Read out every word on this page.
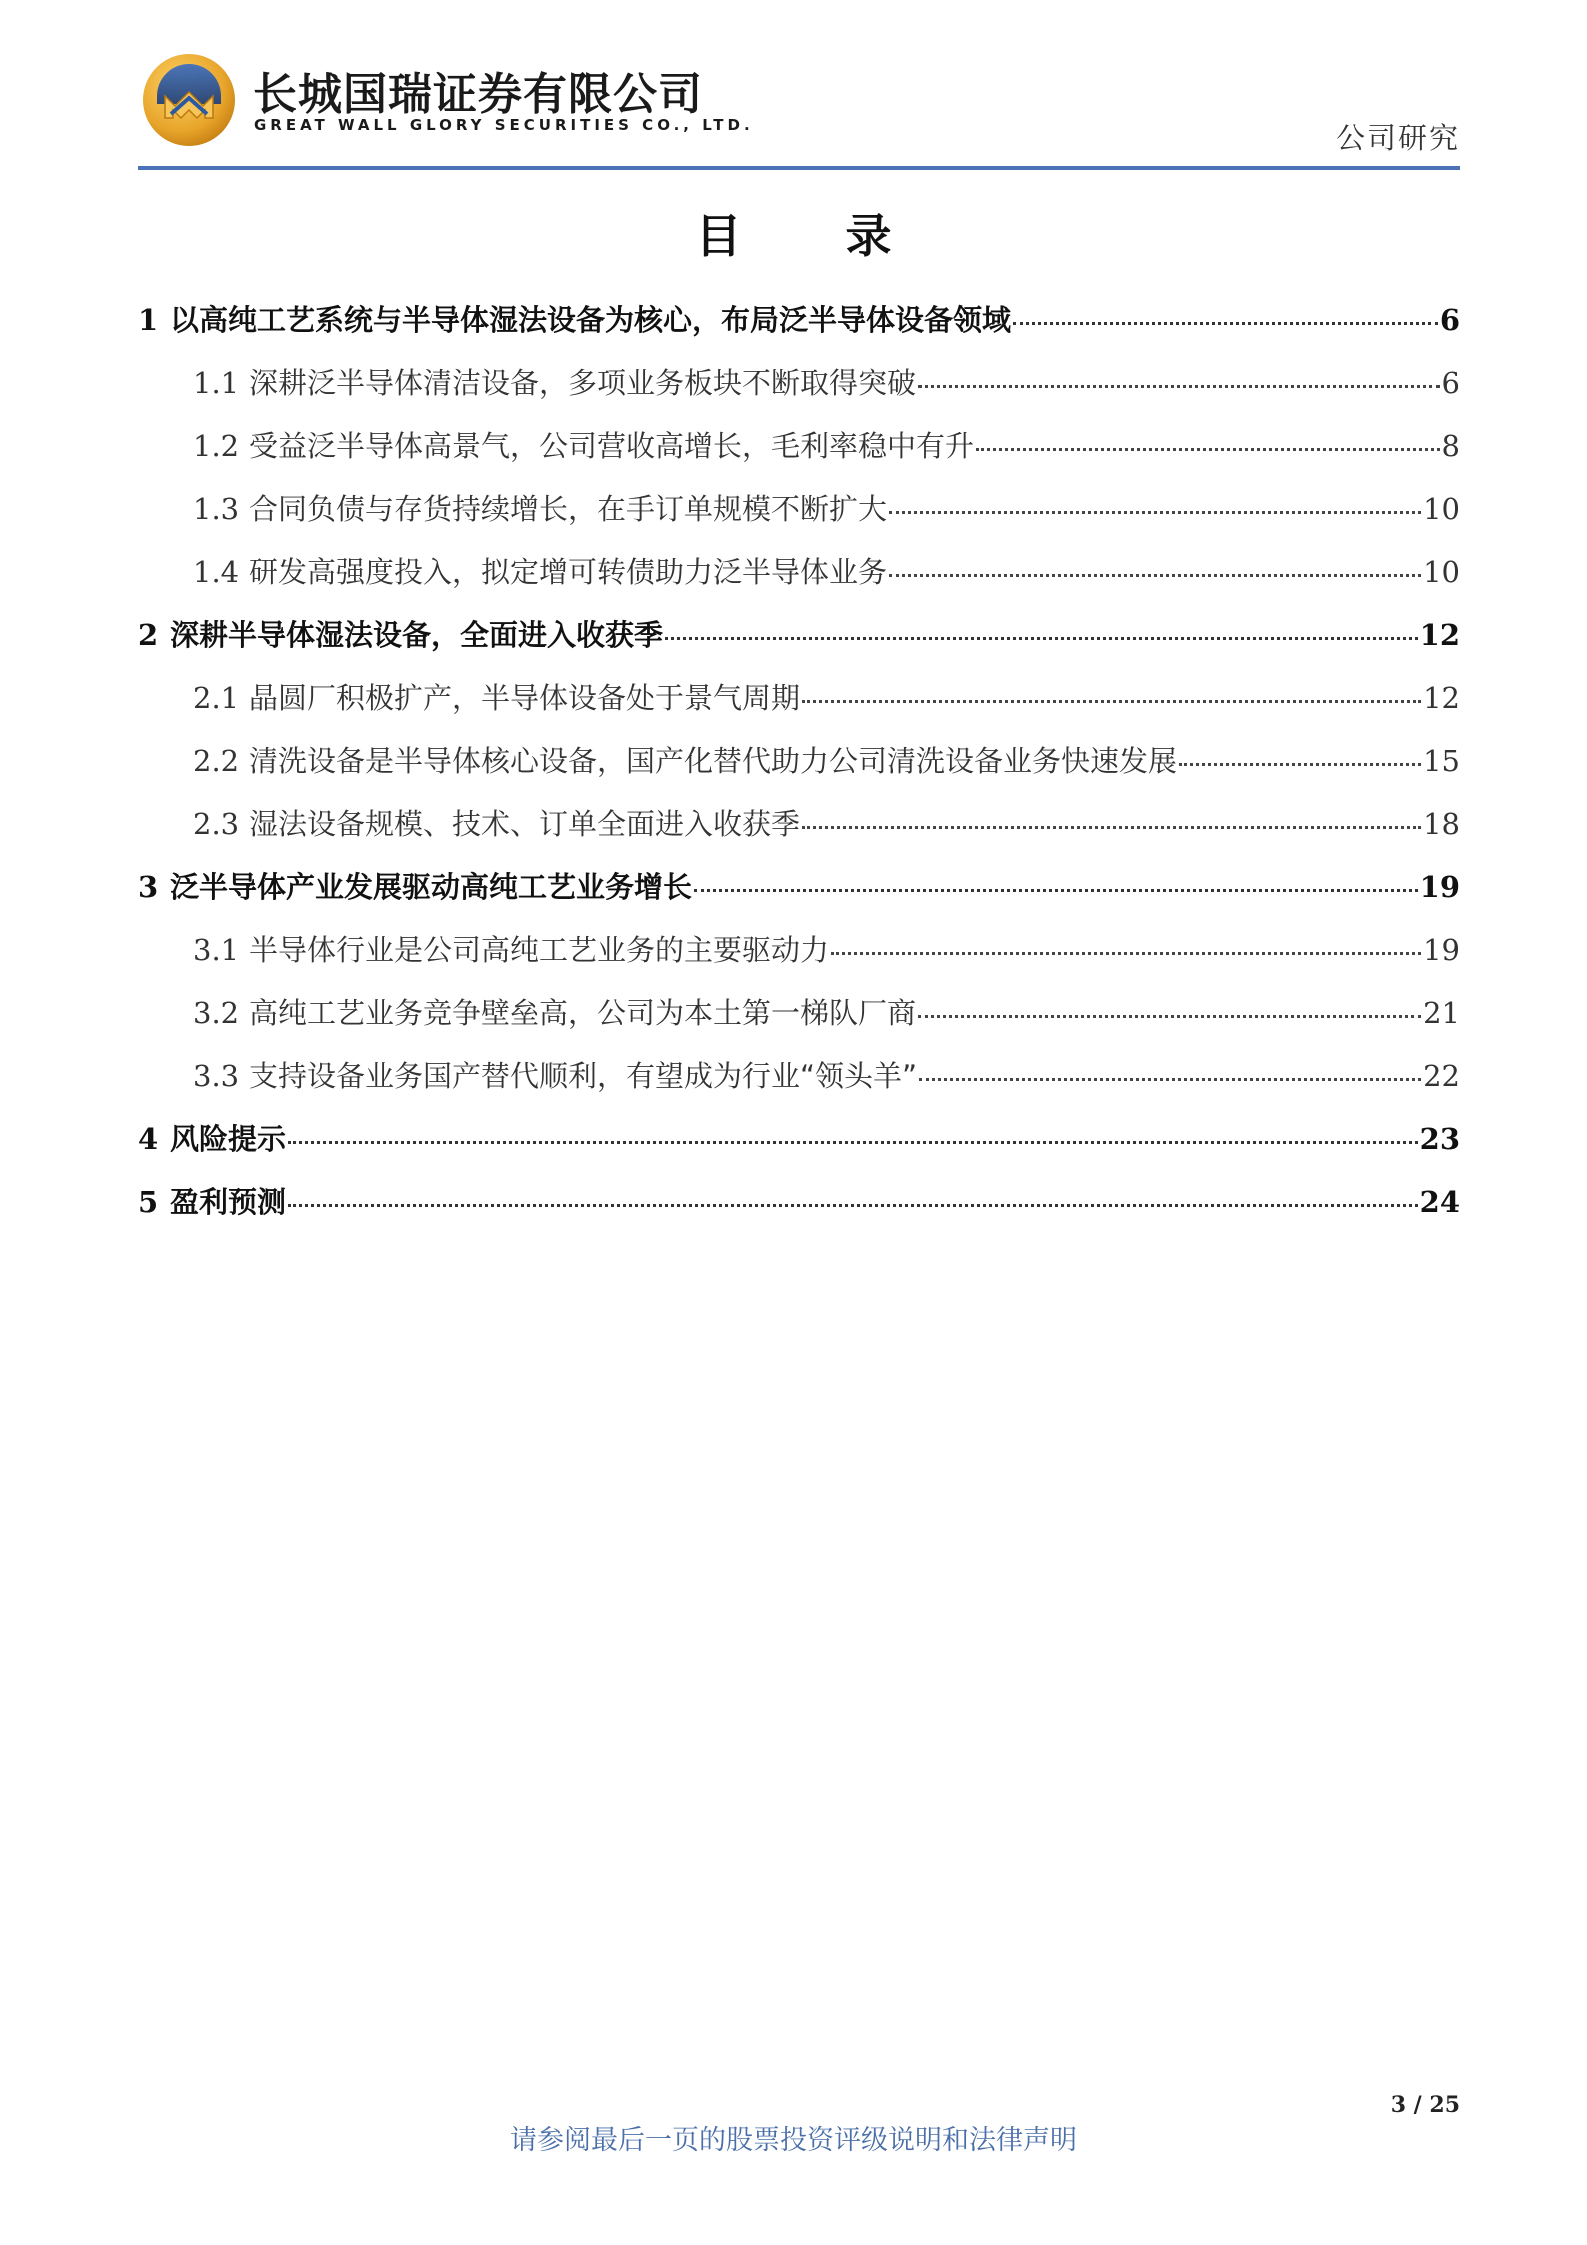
长城国瑞证券有限公司
GREAT WALL GLORY SECURITIES CO., LTD.	公司研究
目 录
1 以高纯工艺系统与半导体湿法设备为核心，布局泛半导体设备领域	6
1.1 深耕泛半导体清洁设备，多项业务板块不断取得突破	6
1.2 受益泛半导体高景气，公司营收高增长，毛利率稳中有升	8
1.3 合同负债与存货持续增长，在手订单规模不断扩大	10
1.4 研发高强度投入，拟定增可转债助力泛半导体业务	10
2 深耕半导体湿法设备，全面进入收获季	12
2.1 晶圆厂积极扩产，半导体设备处于景气周期	12
2.2 清洗设备是半导体核心设备，国产化替代助力公司清洗设备业务快速发展	15
2.3 湿法设备规模、技术、订单全面进入收获季	18
3 泛半导体产业发展驱动高纯工艺业务增长	19
3.1 半导体行业是公司高纯工艺业务的主要驱动力	19
3.2 高纯工艺业务竞争壁垒高，公司为本土第一梯队厂商	21
3.3 支持设备业务国产替代顺利，有望成为行业“领头羊”	22
4 风险提示	23
5 盈利预测	24
3 / 25
请参阅最后一页的股票投资评级说明和法律声明
